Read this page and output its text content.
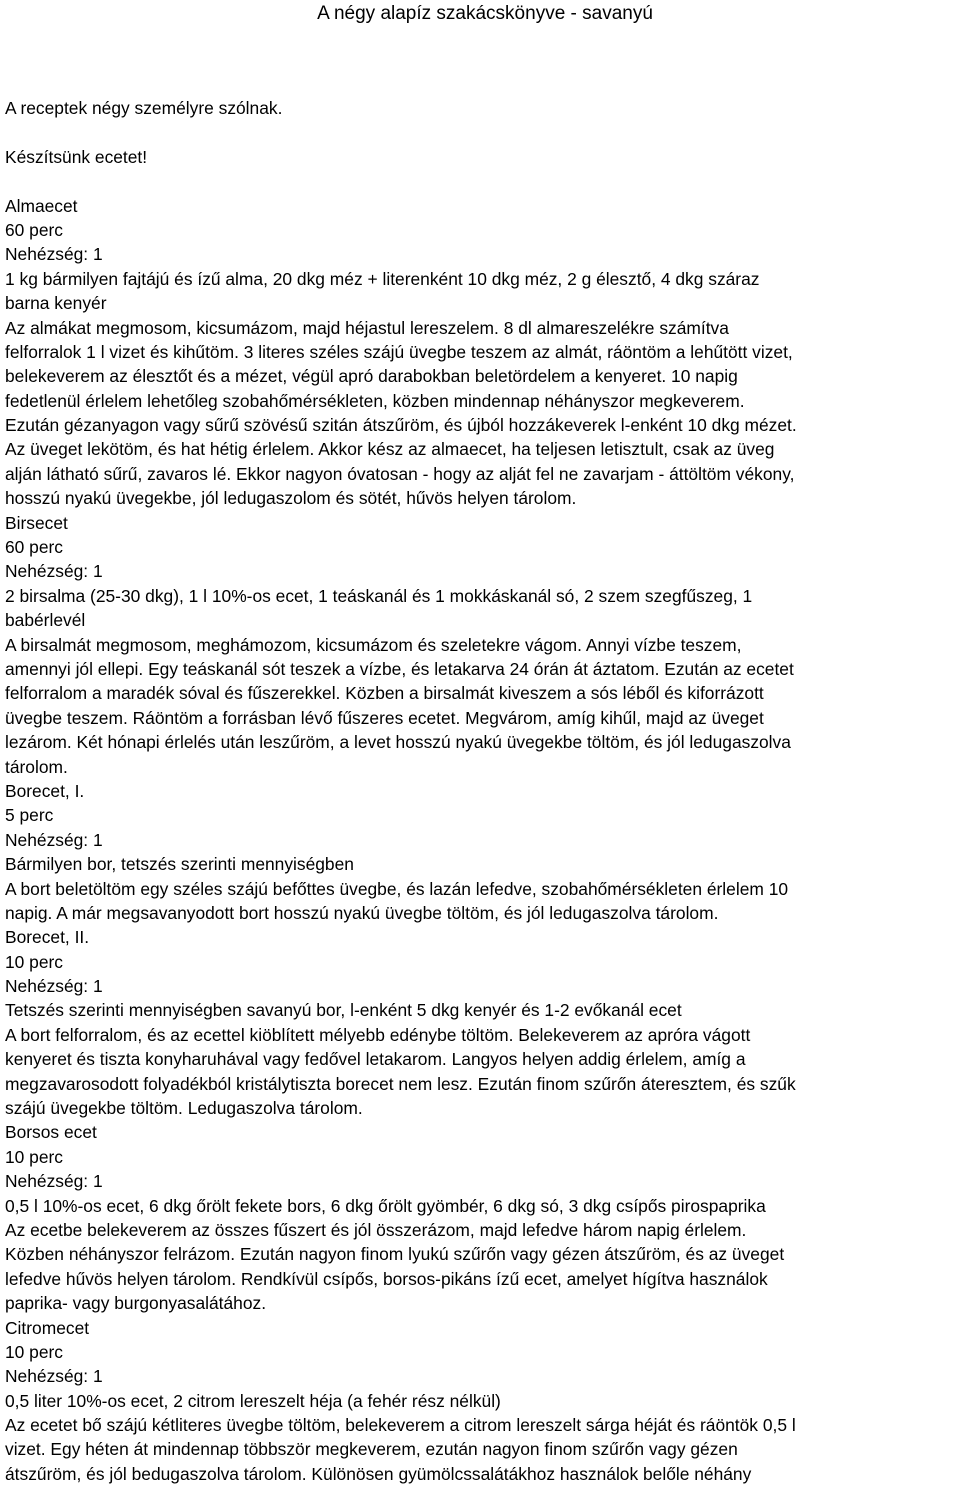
A négy alapíz szakácskönyve - savanyú
A receptek négy személyre szólnak.
Készítsünk ecetet!
Almaecet
60 perc
Nehézség: 1
1 kg bármilyen fajtájú és ízű alma, 20 dkg méz + literenként 10 dkg méz, 2 g élesztő, 4 dkg száraz
barna kenyér
Az almákat megmosom, kicsumázom, majd héjastul lereszelem. 8 dl almareszelékre számítva
felforralok 1 l vizet és kihűtöm. 3 literes széles szájú üvegbe teszem az almát, ráöntöm a lehűtött vizet,
belekeverem az élesztőt és a mézet, végül apró darabokban beletördelem a kenyeret. 10 napig
fedetlenül érlelem lehetőleg szobahőmérsékleten, közben mindennap néhányszor megkeverem.
Ezután gézanyagon vagy sűrű szövésű szitán átszűröm, és újból hozzákeverek l-enként 10 dkg mézet.
Az üveget lekötöm, és hat hétig érlelem. Akkor kész az almaecet, ha teljesen letisztult, csak az üveg
alján látható sűrű, zavaros lé. Ekkor nagyon óvatosan - hogy az alját fel ne zavarjam - áttöltöm vékony,
hosszú nyakú üvegekbe, jól ledugaszolom és sötét, hűvös helyen tárolom.
Birsecet
60 perc
Nehézség: 1
2 birsalma (25-30 dkg), 1 l 10%-os ecet, 1 teáskanál és 1 mokkáskanál só, 2 szem szegfűszeg, 1
babérlevél
A birsalmát megmosom, meghámozom, kicsumázom és szeletekre vágom. Annyi vízbe teszem,
amennyi jól ellepi. Egy teáskanál sót teszek a vízbe, és letakarva 24 órán át áztatom. Ezután az ecetet
felforralom a maradék sóval és fűszerekkel. Közben a birsalmát kiveszem a sós léből és kiforrázott
üvegbe teszem. Ráöntöm a forrásban lévő fűszeres ecetet. Megvárom, amíg kihűl, majd az üveget
lezárom. Két hónapi érlelés után leszűröm, a levet hosszú nyakú üvegekbe töltöm, és jól ledugaszolva
tárolom.
Borecet, I.
5 perc
Nehézség: 1
Bármilyen bor, tetszés szerinti mennyiségben
A bort beletöltöm egy széles szájú befőttes üvegbe, és lazán lefedve, szobahőmérsékleten érlelem 10
napig. A már megsavanyodott bort hosszú nyakú üvegbe töltöm, és jól ledugaszolva tárolom.
Borecet, II.
10 perc
Nehézség: 1
Tetszés szerinti mennyiségben savanyú bor, l-enként 5 dkg kenyér és 1-2 evőkanál ecet
A bort felforralom, és az ecettel kiöblített mélyebb edénybe töltöm. Belekeverem az apróra vágott
kenyeret és tiszta konyharuhával vagy fedővel letakarom. Langyos helyen addig érlelem, amíg a
megzavarosodott folyadékból kristálytiszta borecet nem lesz. Ezután finom szűrőn áteresztem, és szűk
szájú üvegekbe töltöm. Ledugaszolva tárolom.
Borsos ecet
10 perc
Nehézség: 1
0,5 l 10%-os ecet, 6 dkg őrölt fekete bors, 6 dkg őrölt gyömbér, 6 dkg só, 3 dkg csípős pirospaprika
Az ecetbe belekeverem az összes fűszert és jól összerázom, majd lefedve három napig érlelem.
Közben néhányszor felrázom. Ezután nagyon finom lyukú szűrőn vagy gézen átszűröm, és az üveget
lefedve hűvös helyen tárolom. Rendkívül csípős, borsos-pikáns ízű ecet, amelyet hígítva használok
paprika- vagy burgonyasalátához.
Citromecet
10 perc
Nehézség: 1
0,5 liter 10%-os ecet, 2 citrom lereszelt héja (a fehér rész nélkül)
Az ecetet bő szájú kétliteres üvegbe töltöm, belekeverem a citrom lereszelt sárga héját és ráöntök 0,5 l
vizet. Egy héten át mindennap többször megkeverem, ezután nagyon finom szűrőn vagy gézen
átszűröm, és jól bedugaszolva tárolom. Különösen gyümölcssalátákhoz használok belőle néhány
